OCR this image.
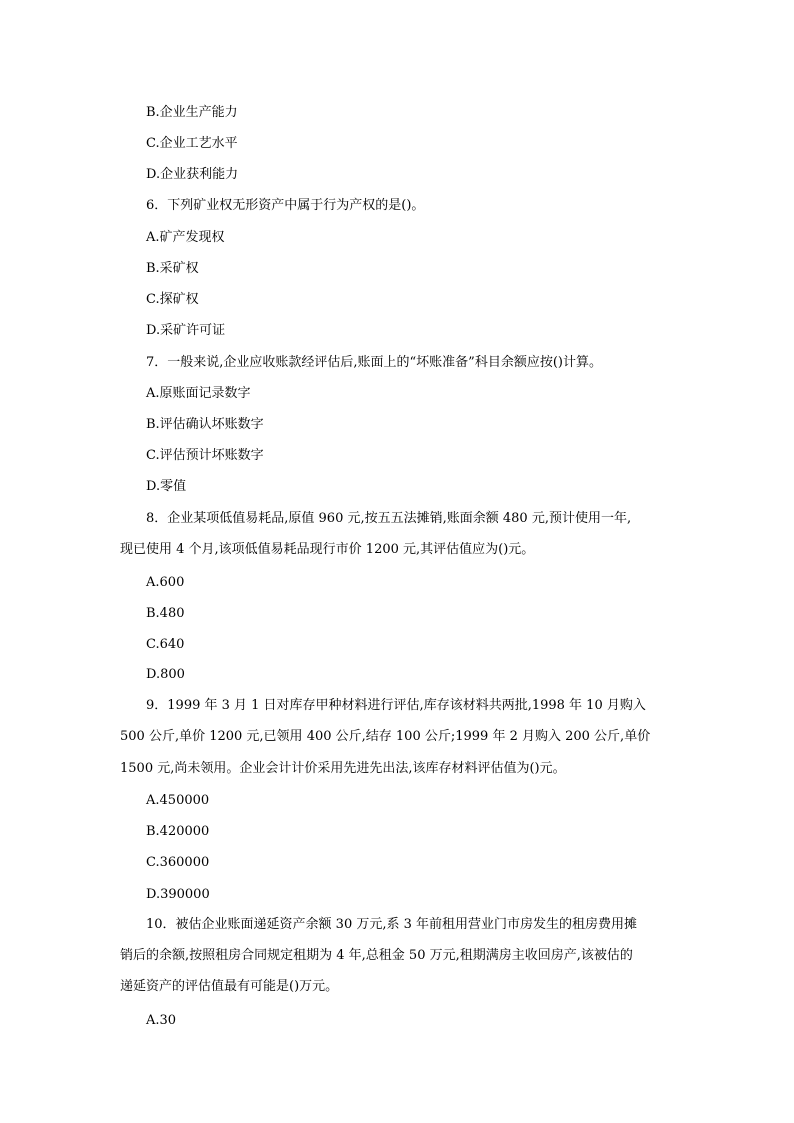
B.企业生产能力
C.企业工艺水平
D.企业获利能力
6．下列矿业权无形资产中属于行为产权的是()。
A.矿产发现权
B.采矿权
C.探矿权
D.采矿许可证
7．一般来说,企业应收账款经评估后,账面上的“坏账准备”科目余额应按()计算。
A.原账面记录数字
B.评估确认坏账数字
C.评估预计坏账数字
D.零值
8．企业某项低值易耗品,原值 960 元,按五五法摊销,账面余额 480 元,预计使用一年,
现已使用 4 个月,该项低值易耗品现行市价 1200 元,其评估值应为()元。
A.600
B.480
C.640
D.800
9．1999 年 3 月 1 日对库存甲种材料进行评估,库存该材料共两批,1998 年 10 月购入
500 公斤,单价 1200 元,已领用 400 公斤,结存 100 公斤;1999 年 2 月购入 200 公斤,单价
1500 元,尚未领用。企业会计计价采用先进先出法,该库存材料评估值为()元。
A.450000
B.420000
C.360000
D.390000
10．被估企业账面递延资产余额 30 万元,系 3 年前租用营业门市房发生的租房费用摊
销后的余额,按照租房合同规定租期为 4 年,总租金 50 万元,租期满房主收回房产,该被估的
递延资产的评估值最有可能是()万元。
A.30
